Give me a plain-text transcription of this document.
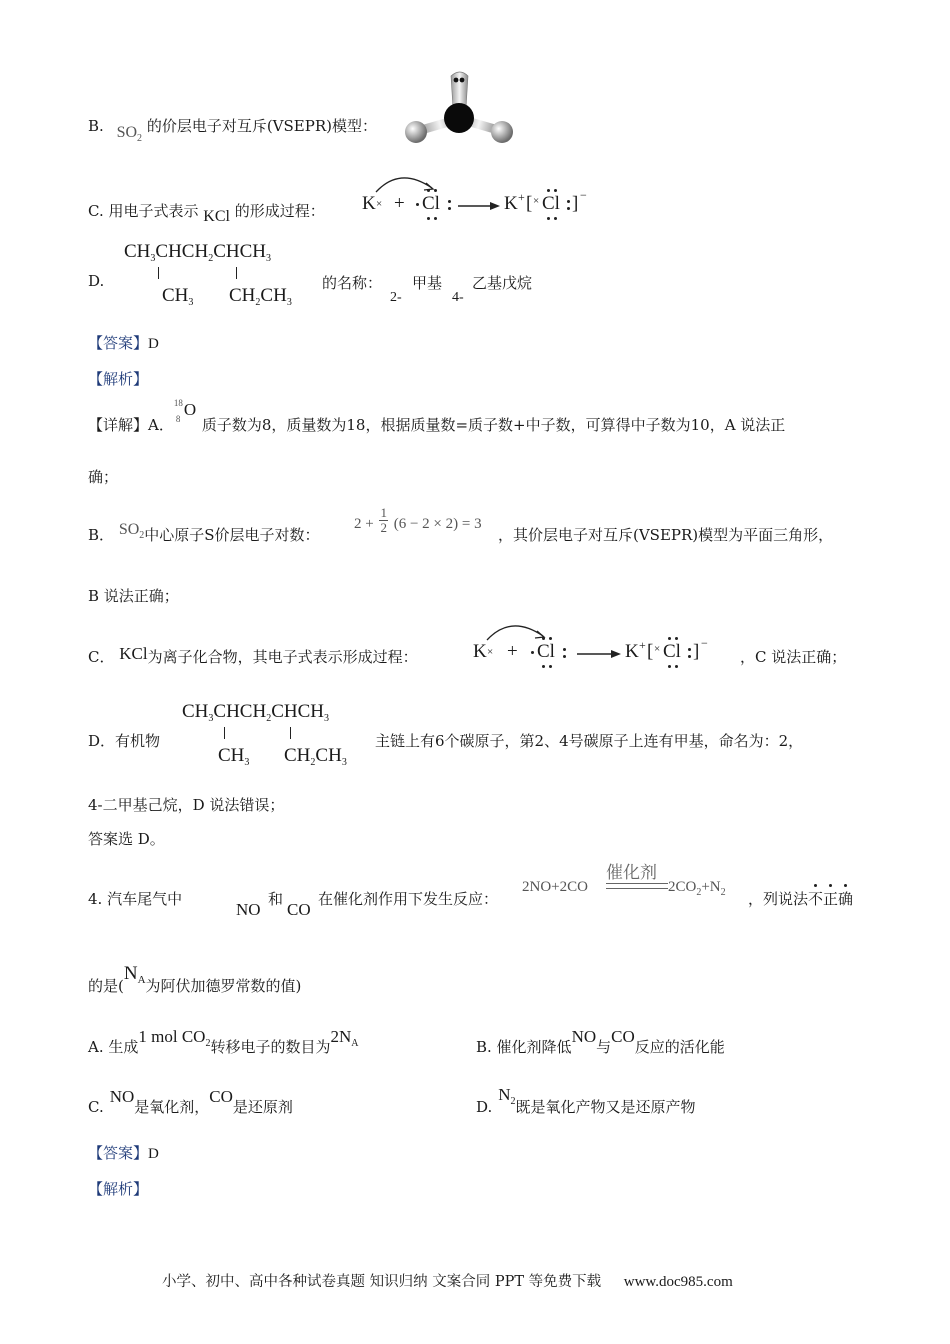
B. $SO_2$ 的价层电子对互斥(VSEPR)模型：
C. 用电子式表示 KCl 的形成过程： K × + Cl → K + [ × Cl ] −
D.
$CH_3CHCH_2CHCH_3$
$CH_3$ $CH_2CH_3$
的名称：
2-
甲基
4-
乙基戊烷
【答案】D
【解析】
【详解】A．
18
8 O
质子数为8，质量数为18，根据质量数=质子数+中子数，可算得中子数为10，A 说法正
确；
B． $SO_2$中心原子S价层电子对数：
$2 + \frac{1}{2} (6 - 2 \times 2) = 3$
，其价层电子对互斥(VSEPR)模型为平面三角形，
B 说法正确；
C． KCl为离子化合物，其电子式表示形成过程：	K × + Cl → K + [ × Cl ] −
，C 说法正确；
D．有机物
$CH_3CHCH_2CHCH_3$
$CH_3$ $CH_2CH_3$
主链上有6个碳原子，第2、4号碳原子上连有甲基，命名为：2，
4-二甲基己烷，D 说法错误；
答案选 D。
4. 汽车尾气中
NO
和
CO
在催化剂作用下发生反应：
2NO+2CO
催化剂
$2CO_2+N_2$ ，列说法
不
正
确
的是($N_A$为阿伏加德罗常数的值)
A. 生成1 mol $CO_2$转移电子的数目为$2N_A$	B. 催化剂降低NO与CO反应的活化能
C.NO是氧化剂，CO是还原剂	$D.N_2$既是氧化产物又是还原产物
【答案】D
【解析】
小学、初中、高中各种试卷真题 知识归纳 文案合同 PPT 等免费下载 www.doc985.com
